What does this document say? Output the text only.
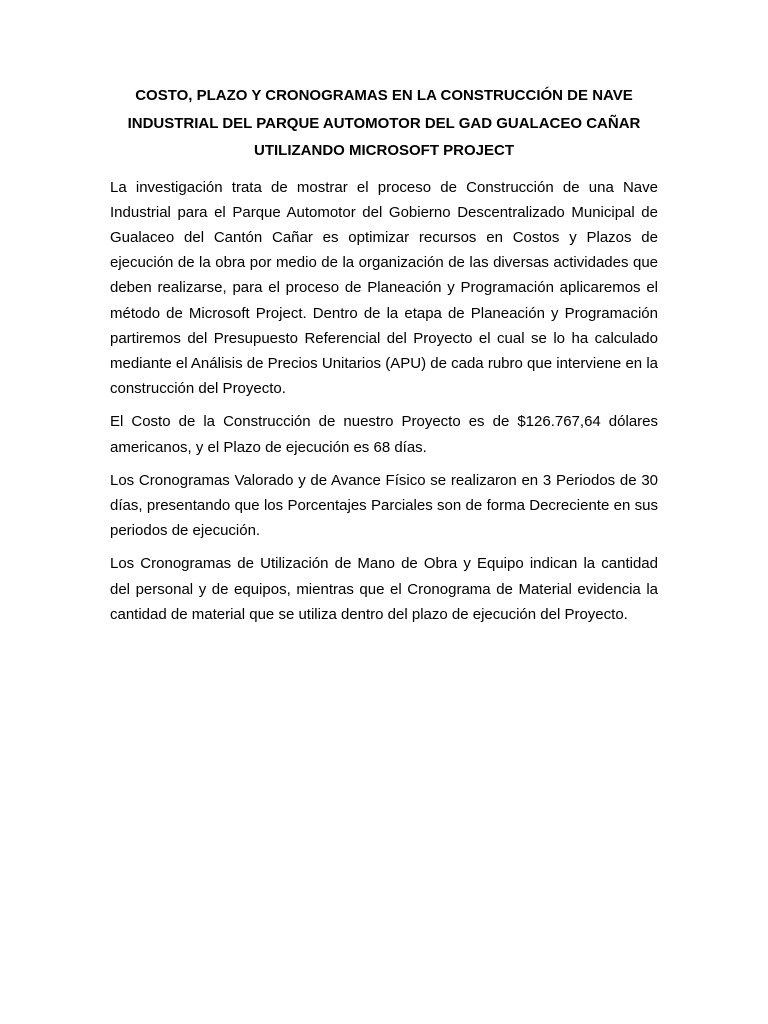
COSTO, PLAZO Y CRONOGRAMAS EN LA CONSTRUCCIÓN DE NAVE INDUSTRIAL DEL PARQUE AUTOMOTOR DEL GAD GUALACEO CAÑAR UTILIZANDO MICROSOFT PROJECT

La investigación trata de mostrar el proceso de Construcción de una Nave Industrial para el Parque Automotor del Gobierno Descentralizado Municipal de Gualaceo del Cantón Cañar es optimizar recursos en Costos y Plazos de ejecución de la obra por medio de la organización de las diversas actividades que deben realizarse, para el proceso de Planeación y Programación aplicaremos el método de Microsoft Project. Dentro de la etapa de Planeación y Programación partiremos del Presupuesto Referencial del Proyecto el cual se lo ha calculado mediante el Análisis de Precios Unitarios (APU) de cada rubro que interviene en la construcción del Proyecto.

El Costo de la Construcción de nuestro Proyecto es de $126.767,64 dólares americanos, y el Plazo de ejecución es 68 días.

Los Cronogramas Valorado y de Avance Físico se realizaron en 3 Periodos de 30 días, presentando que los Porcentajes Parciales son de forma Decreciente en sus periodos de ejecución.

Los Cronogramas de Utilización de Mano de Obra y Equipo indican la cantidad del personal y de equipos, mientras que el Cronograma de Material evidencia la cantidad de material que se utiliza dentro del plazo de ejecución del Proyecto.
